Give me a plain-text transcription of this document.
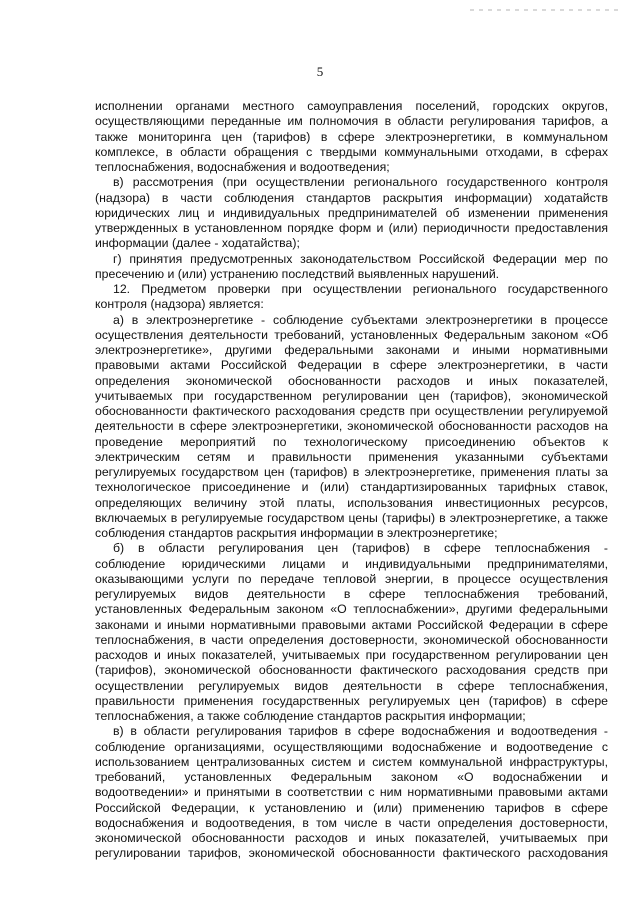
5
исполнении органами местного самоуправления поселений, городских округов,
осуществляющими переданные им полномочия в области регулирования тарифов, а
также мониторинга цен (тарифов) в сфере электроэнергетики, в коммунальном
комплексе, в области обращения с твердыми коммунальными отходами, в сферах
теплоснабжения, водоснабжения и водоотведения;
в) рассмотрения (при осуществлении регионального государственного контроля
(надзора) в части соблюдения стандартов раскрытия информации) ходатайств
юридических лиц и индивидуальных предпринимателей об изменении применения
утвержденных в установленном порядке форм и (или) периодичности предоставления
информации (далее - ходатайства);
г) принятия предусмотренных законодательством Российской Федерации мер по
пресечению и (или) устранению последствий выявленных нарушений.
12. Предметом проверки при осуществлении регионального государственного
контроля (надзора) является:
а) в электроэнергетике - соблюдение субъектами электроэнергетики в процессе
осуществления деятельности требований, установленных Федеральным законом «Об
электроэнергетике», другими федеральными законами и иными нормативными
правовыми актами Российской Федерации в сфере электроэнергетики, в части
определения экономической обоснованности расходов и иных показателей,
учитываемых при государственном регулировании цен (тарифов), экономической
обоснованности фактического расходования средств при осуществлении регулируемой
деятельности в сфере электроэнергетики, экономической обоснованности расходов на
проведение мероприятий по технологическому присоединению объектов к
электрическим сетям и правильности применения указанными субъектами
регулируемых государством цен (тарифов) в электроэнергетике, применения платы за
технологическое присоединение и (или) стандартизированных тарифных ставок,
определяющих величину этой платы, использования инвестиционных ресурсов,
включаемых в регулируемые государством цены (тарифы) в электроэнергетике, а также
соблюдения стандартов раскрытия информации в электроэнергетике;
б) в области регулирования цен (тарифов) в сфере теплоснабжения -
соблюдение юридическими лицами и индивидуальными предпринимателями,
оказывающими услуги по передаче тепловой энергии, в процессе осуществления
регулируемых видов деятельности в сфере теплоснабжения требований,
установленных Федеральным законом «О теплоснабжении», другими федеральными
законами и иными нормативными правовыми актами Российской Федерации в сфере
теплоснабжения, в части определения достоверности, экономической обоснованности
расходов и иных показателей, учитываемых при государственном регулировании цен
(тарифов), экономической обоснованности фактического расходования средств при
осуществлении регулируемых видов деятельности в сфере теплоснабжения,
правильности применения государственных регулируемых цен (тарифов) в сфере
теплоснабжения, а также соблюдение стандартов раскрытия информации;
в) в области регулирования тарифов в сфере водоснабжения и водоотведения -
соблюдение организациями, осуществляющими водоснабжение и водоотведение с
использованием централизованных систем и систем коммунальной инфраструктуры,
требований, установленных Федеральным законом «О водоснабжении и
водоотведении» и принятыми в соответствии с ним нормативными правовыми актами
Российской Федерации, к установлению и (или) применению тарифов в сфере
водоснабжения и водоотведения, в том числе в части определения достоверности,
экономической обоснованности расходов и иных показателей, учитываемых при
регулировании тарифов, экономической обоснованности фактического расходования
